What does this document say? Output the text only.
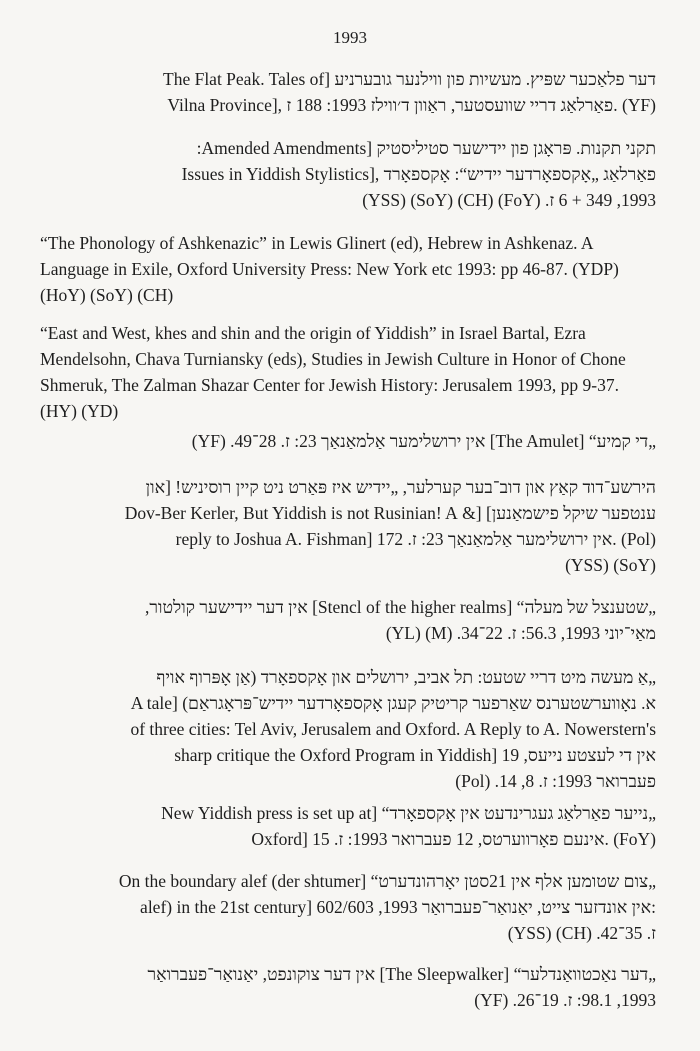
1993
The Flat Peak. Tales of] דער פלאַכער שפּיץ. מעשיות פון ווילנער גובערניע
Vilna Province], פאַרלאַג דריי שוועסטער, ראַוון ד׳ווילז 1993: 188 ז. (YF)
תקני תקנות. פּראָגן פון יידישער סטיליסטיק [Amended Amendments:
Issues in Yiddish Stylistics], פאַרלאַג „אָקספאָרדער יידיש“: אָקספאָרד
1993, 349 + 6 ז. (FoY) (CH) (SoY) (YSS)
“The Phonology of Ashkenazic” in Lewis Glinert (ed), Hebrew in Ashkenaz. A
Language in Exile, Oxford University Press: New York etc 1993: pp 46-87. (YDP)
(HoY) (SoY) (CH)
“East and West, khes and shin and the origin of Yiddish” in Israel Bartal, Ezra
Mendelsohn, Chava Turniansky (eds), Studies in Jewish Culture in Honor of Chone
Shmeruk, The Zalman Shazar Center for Jewish History: Jerusalem 1993, pp 9-37.
(HY) (YD)
„די קמיע“ [The Amulet] אין ירושלימער אַלמאַנאַך 23: ז. 28־49. (YF)
הירשע־דוד קאַץ און דוב־בער קערלער, „יידיש איז פּאַרט ניט קיין רוסיניש! [און
ענטפער שיקל פישמאַנען] [& Dov-Ber Kerler, But Yiddish is not Rusinian! A
reply to Joshua A. Fishman] אין ירושלימער אַלמאַנאַך 23: ז. 172. (Pol)
(YSS) (SoY)
„שטענצל של מעלה“ [Stencl of the higher realms] אין דער יידישער קולטור,
מאַי־יוני 1993, 56.3: ז. 22־34. (M) (YL)
„אַ מעשה מיט דריי שטעט: תל אביב, ירושלים און אָקספאָרד (אַן אָפּרוף אויף
א. נאָווערשטערנס שאַרפער קריטיק קעגן אָקספאָרדער יידיש־פּראָגראַם) [A tale
of three cities: Tel Aviv, Jerusalem and Oxford. A Reply to A. Nowerstern's
sharp critique the Oxford Program in Yiddish] אין די לעצטע נייעס, 19
פעברואר 1993: ז. 8, 14. (Pol)
„נייער פאַרלאַג געגרינדעט אין אָקספאָרד“ [New Yiddish press is set up at
Oxford] אינעם פאָרווערטס, 12 פעברואר 1993: ז. 15. (FoY)
„צום שטומען אלף אין 21סטן יאָרהונדערט“ [On the boundary alef (der shtumer
alef) in the 21st century] אין אונדזער צייט, יאַנואַר־פעברואַר 1993, 602/603:
ז. 35־42. (CH) (YSS)
„דער נאַכטוואַנדלער“ [The Sleepwalker] אין דער צוקונפט, יאַנואַר־פעברואַר
1993, 98.1: ז. 19־26. (YF)
